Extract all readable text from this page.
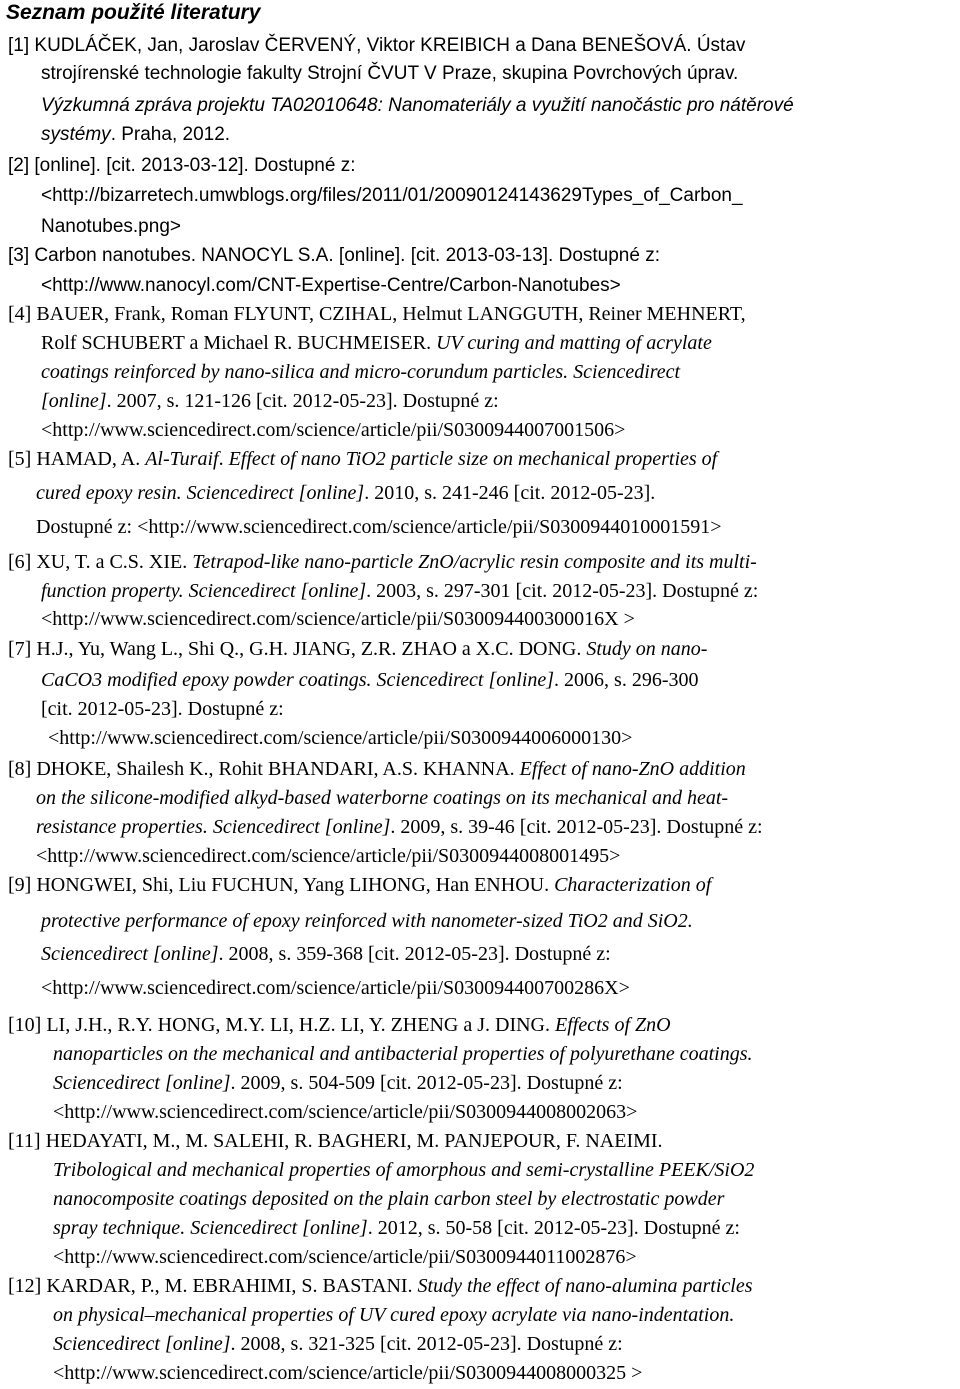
Seznam použité literatury
[1] KUDLÁČEK, Jan, Jaroslav ČERVENÝ, Viktor KREIBICH a Dana BENEŠOVÁ. Ústav
strojírenské technologie fakulty Strojní ČVUT V Praze, skupina Povrchových úprav.
Výzkumná zpráva projektu TA02010648: Nanomateriály a využití nanočástic pro nátěrové
systémy. Praha, 2012.
[2] [online]. [cit. 2013-03-12]. Dostupné z:
<http://bizarretech.umwblogs.org/files/2011/01/20090124143629Types_of_Carbon_
Nanotubes.png>
[3] Carbon nanotubes. NANOCYL S.A. [online]. [cit. 2013-03-13]. Dostupné z:
<http://www.nanocyl.com/CNT-Expertise-Centre/Carbon-Nanotubes>
[4] BAUER, Frank, Roman FLYUNT, CZIHAL, Helmut LANGGUTH, Reiner MEHNERT,
Rolf SCHUBERT a Michael R. BUCHMEISER. UV curing and matting of acrylate
coatings reinforced by nano-silica and micro-corundum particles. Sciencedirect
[online]. 2007, s. 121-126 [cit. 2012-05-23]. Dostupné z:
<http://www.sciencedirect.com/science/article/pii/S0300944007001506>
[5] HAMAD, A. Al-Turaif. Effect of nano TiO2 particle size on mechanical properties of
cured epoxy resin. Sciencedirect [online]. 2010, s. 241-246 [cit. 2012-05-23].
Dostupné z: <http://www.sciencedirect.com/science/article/pii/S0300944010001591>
[6] XU, T. a C.S. XIE. Tetrapod-like nano-particle ZnO/acrylic resin composite and its multi-
function property. Sciencedirect [online]. 2003, s. 297-301 [cit. 2012-05-23]. Dostupné z:
<http://www.sciencedirect.com/science/article/pii/S030094400300016X >
[7] H.J., Yu, Wang L., Shi Q., G.H. JIANG, Z.R. ZHAO a X.C. DONG. Study on nano-
CaCO3 modified epoxy powder coatings. Sciencedirect [online]. 2006, s. 296-300
[cit. 2012-05-23]. Dostupné z:
<http://www.sciencedirect.com/science/article/pii/S0300944006000130>
[8] DHOKE, Shailesh K., Rohit BHANDARI, A.S. KHANNA. Effect of nano-ZnO addition
on the silicone-modified alkyd-based waterborne coatings on its mechanical and heat-
resistance properties. Sciencedirect [online]. 2009, s. 39-46 [cit. 2012-05-23]. Dostupné z:
<http://www.sciencedirect.com/science/article/pii/S0300944008001495>
[9] HONGWEI, Shi, Liu FUCHUN, Yang LIHONG, Han ENHOU. Characterization of
protective performance of epoxy reinforced with nanometer-sized TiO2 and SiO2.
Sciencedirect [online]. 2008, s. 359-368 [cit. 2012-05-23]. Dostupné z:
<http://www.sciencedirect.com/science/article/pii/S030094400700286X>
[10] LI, J.H., R.Y. HONG, M.Y. LI, H.Z. LI, Y. ZHENG a J. DING. Effects of ZnO
nanoparticles on the mechanical and antibacterial properties of polyurethane coatings.
Sciencedirect [online]. 2009, s. 504-509 [cit. 2012-05-23]. Dostupné z:
<http://www.sciencedirect.com/science/article/pii/S0300944008002063>
[11] HEDAYATI, M., M. SALEHI, R. BAGHERI, M. PANJEPOUR, F. NAEIMI.
Tribological and mechanical properties of amorphous and semi-crystalline PEEK/SiO2
nanocomposite coatings deposited on the plain carbon steel by electrostatic powder
spray technique. Sciencedirect [online]. 2012, s. 50-58 [cit. 2012-05-23]. Dostupné z:
<http://www.sciencedirect.com/science/article/pii/S0300944011002876>
[12] KARDAR, P., M. EBRAHIMI, S. BASTANI. Study the effect of nano-alumina particles
on physical–mechanical properties of UV cured epoxy acrylate via nano-indentation.
Sciencedirect [online]. 2008, s. 321-325 [cit. 2012-05-23]. Dostupné z:
<http://www.sciencedirect.com/science/article/pii/S0300944008000325 >
